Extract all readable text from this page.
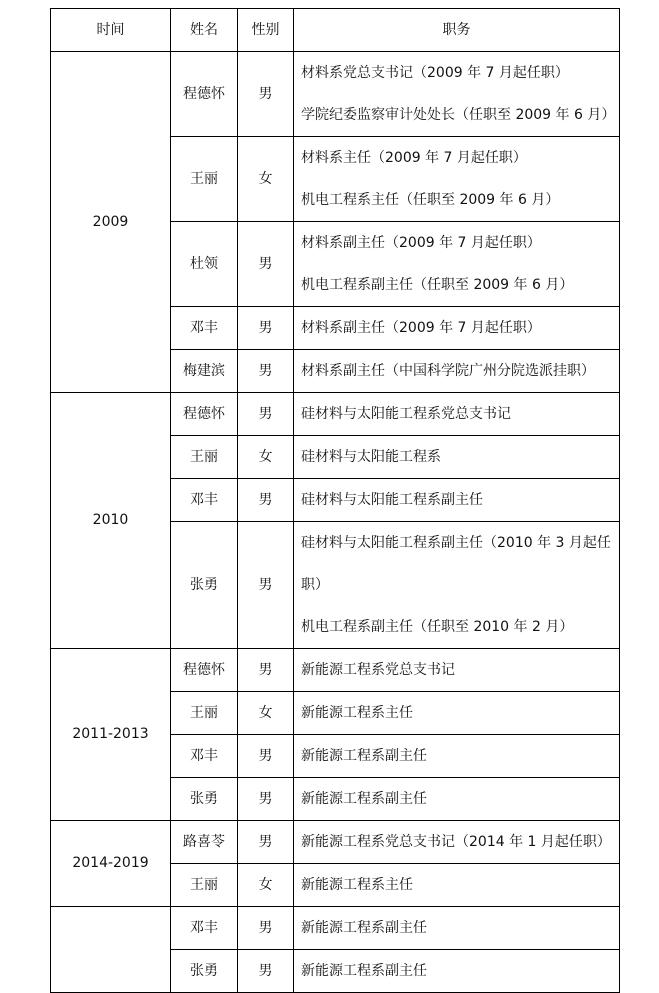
时间	姓名	性别	职务
2009	程德怀	男	材料系党总支书记（2009 年 7 月起任职）
学院纪委监察审计处处长（任职至 2009 年 6 月）

	王丽	女	材料系主任（2009 年 7 月起任职）
机电工程系主任（任职至 2009 年 6 月）

	杜领	男	材料系副主任（2009 年 7 月起任职）
机电工程系副主任（任职至 2009 年 6 月）

	邓丰	男	材料系副主任（2009 年 7 月起任职）

	梅建滨	男	材料系副主任（中国科学院广州分院选派挂职）

2010	程德怀	男	硅材料与太阳能工程系党总支书记

	王丽	女	硅材料与太阳能工程系

	邓丰	男	硅材料与太阳能工程系副主任

	张勇	男	硅材料与太阳能工程系副主任（2010 年 3 月起任
职）
机电工程系副主任（任职至 2010 年 2 月）

2011-2013	程德怀	男	新能源工程系党总支书记

	王丽	女	新能源工程系主任

	邓丰	男	新能源工程系副主任

	张勇	男	新能源工程系副主任

2014-2019	路喜苓	男	新能源工程系党总支书记（2014 年 1 月起任职）

	王丽	女	新能源工程系主任

	邓丰	男	新能源工程系副主任

	张勇	男	新能源工程系副主任
